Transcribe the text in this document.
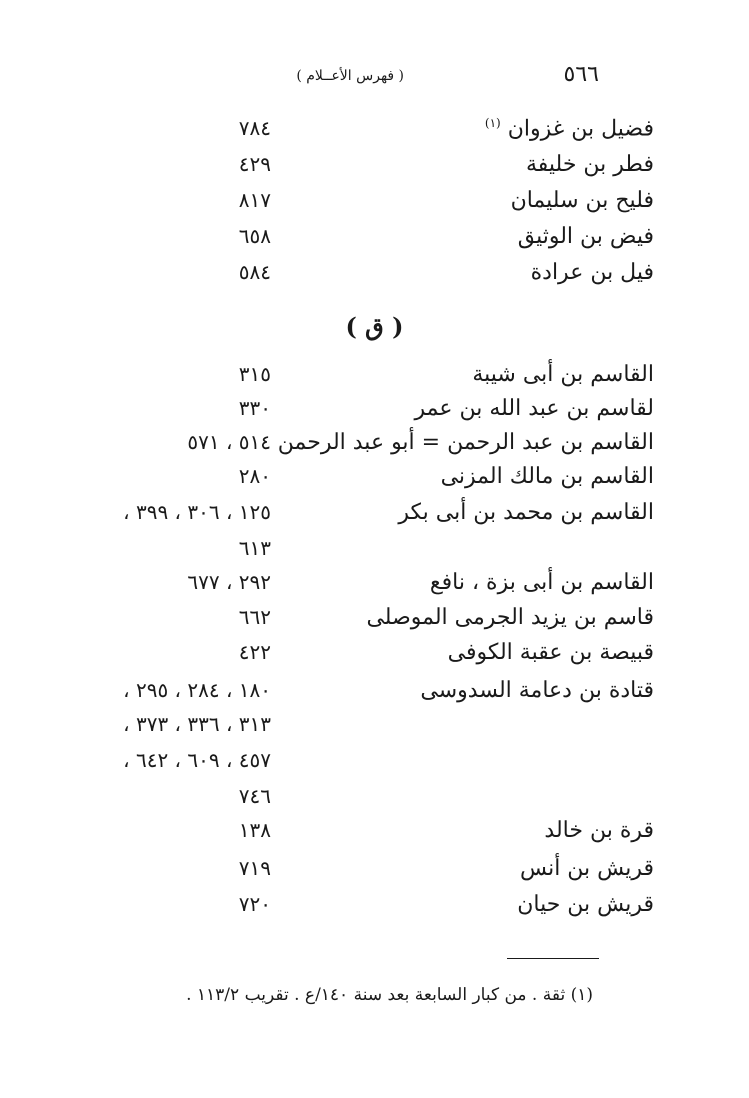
٥٦٦
( فهرس الأعــلام )
فضيل بن غزوان $^{(١)}$
٧٨٤
فطر بن خليفة
٤٢٩
فليح بن سليمان
٨١٧
فيض بن الوثيق
٦٥٨
فيل بن عرادة
٥٨٤
( ق )
القاسم بن أبى شيبة
٣١٥
لقاسم بن عبد الله بن عمر
٣٣٠
القاسم بن عبد الرحمن = أبو عبد الرحمن
٥١٤ ، ٥٧١
القاسم بن مالك المزنى
٢٨٠
القاسم بن محمد بن أبى بكر
١٢٥ ، ٣٠٦ ، ٣٩٩ ،
٦١٣
القاسم بن أبى بزة ، نافع
٢٩٢ ، ٦٧٧
قاسم بن يزيد الجرمى الموصلى
٦٦٢
قبيصة بن عقبة الكوفى
٤٢٢
قتادة بن دعامة السدوسى
١٨٠ ، ٢٨٤ ، ٢٩٥ ،
٣١٣ ، ٣٣٦ ، ٣٧٣ ،
٤٥٧ ، ٦٠٩ ، ٦٤٢ ،
٧٤٦
قرة بن خالد
١٣٨
قريش بن أنس
٧١٩
قريش بن حيان
٧٢٠
(١) ثقة . من كبار السابعة بعد سنة ١٤٠/ع . تقريب ١١٣/٢ .
